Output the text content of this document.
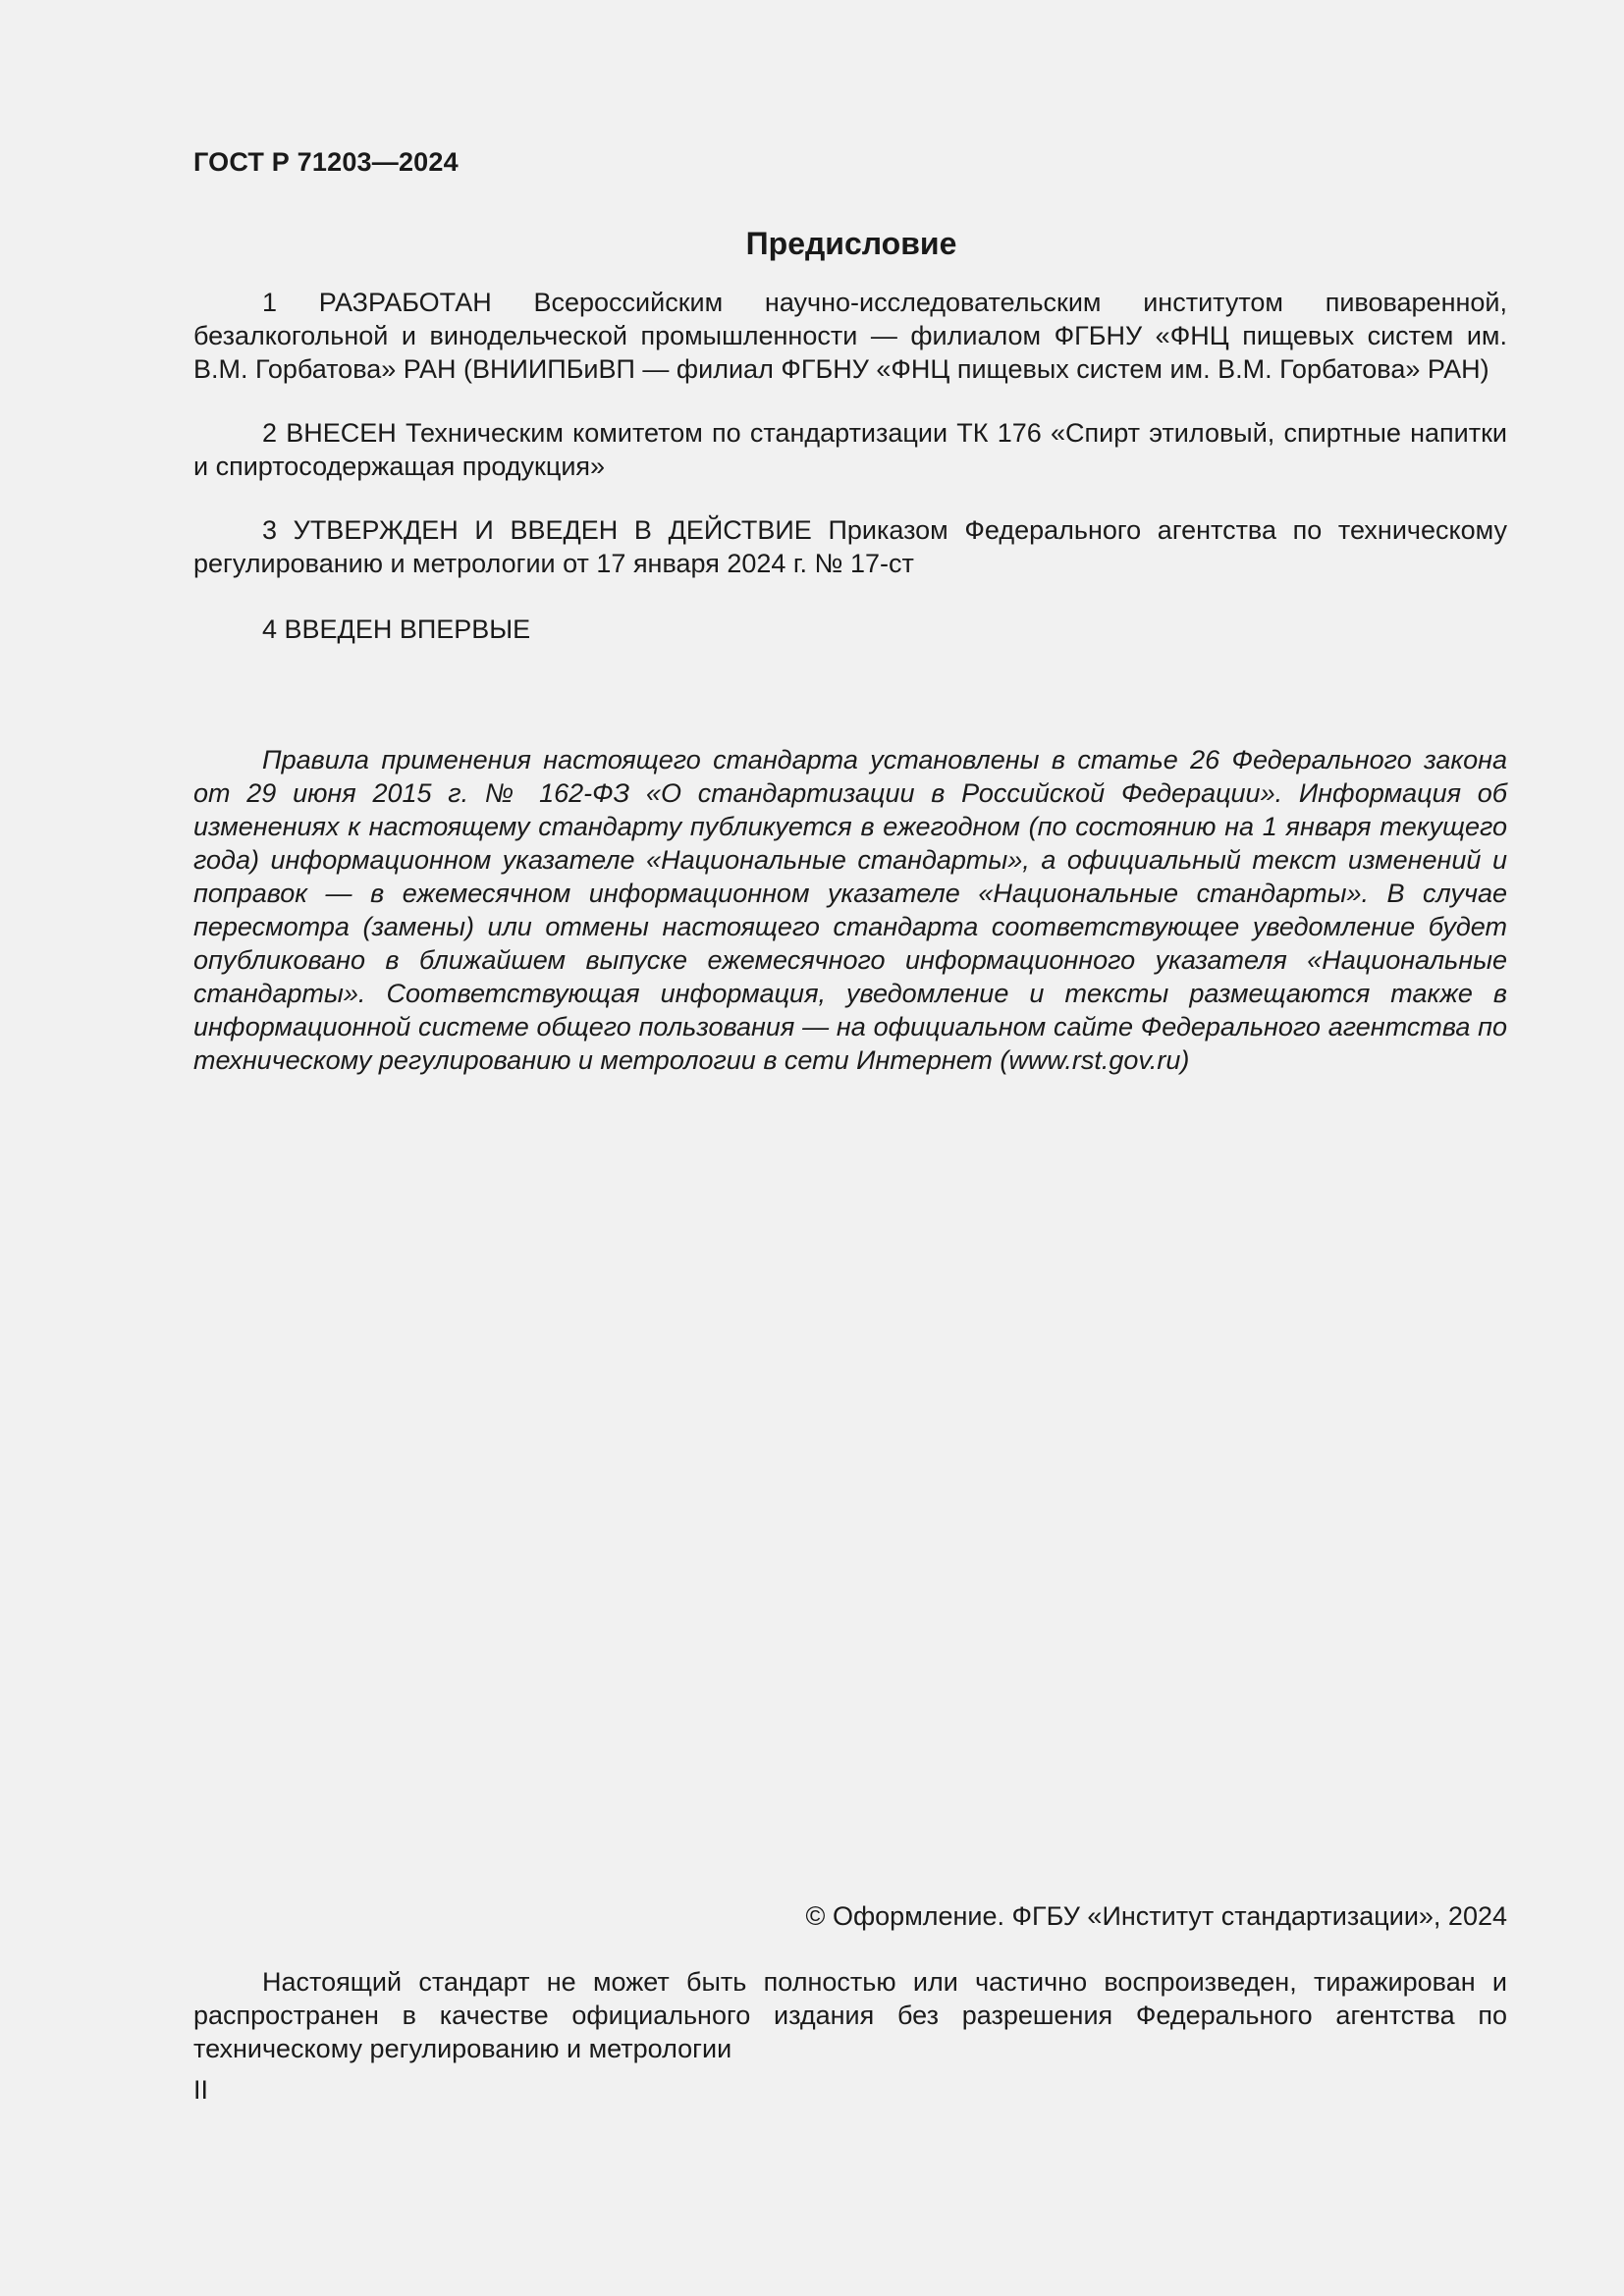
ГОСТ Р 71203—2024
Предисловие

1 РАЗРАБОТАН Всероссийским научно-исследовательским институтом пивоваренной, безалкогольной и винодельческой промышленности — филиалом ФГБНУ «ФНЦ пищевых систем им. В.М. Горбатова» РАН (ВНИИПБиВП — филиал ФГБНУ «ФНЦ пищевых систем им. В.М. Горбатова» РАН)

2 ВНЕСЕН Техническим комитетом по стандартизации ТК 176 «Спирт этиловый, спиртные напитки и спиртосодержащая продукция»

3 УТВЕРЖДЕН И ВВЕДЕН В ДЕЙСТВИЕ Приказом Федерального агентства по техническому регулированию и метрологии от 17 января 2024 г. № 17-ст

4 ВВЕДЕН ВПЕРВЫЕ

Правила применения настоящего стандарта установлены в статье 26 Федерального закона от 29 июня 2015 г. № 162-ФЗ «О стандартизации в Российской Федерации». Информация об изменениях к настоящему стандарту публикуется в ежегодном (по состоянию на 1 января текущего года) информационном указателе «Национальные стандарты», а официальный текст изменений и поправок — в ежемесячном информационном указателе «Национальные стандарты». В случае пересмотра (замены) или отмены настоящего стандарта соответствующее уведомление будет опубликовано в ближайшем выпуске ежемесячного информационного указателя «Национальные стандарты». Соответствующая информация, уведомление и тексты размещаются также в информационной системе общего пользования — на официальном сайте Федерального агентства по техническому регулированию и метрологии в сети Интернет (www.rst.gov.ru)

© Оформление. ФГБУ «Институт стандартизации», 2024

Настоящий стандарт не может быть полностью или частично воспроизведен, тиражирован и распространен в качестве официального издания без разрешения Федерального агентства по техническому регулированию и метрологии

II
